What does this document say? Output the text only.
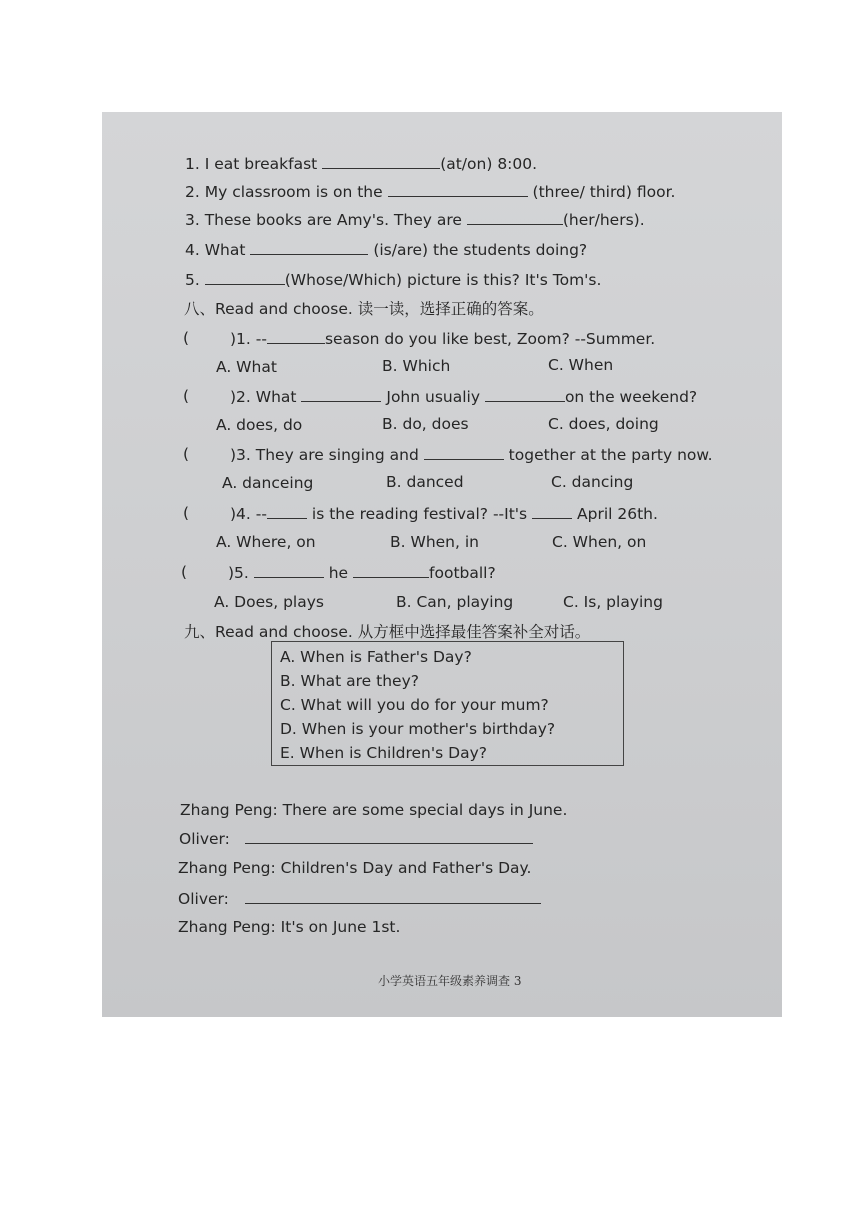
1. I eat breakfast	(at/on) 8:00.
2. My classroom is on the	(three/ third) floor.
3. These books are Amy's. They are	(her/hers).
4. What	(is/are) the students doing?
5.	(Whose/Which) picture is this? It's Tom's.
八、Read and choose. 读一读，选择正确的答案。
(	)1. --	season do you like best, Zoom? --Summer.
A. What	B. Which	C. When
(	)2. What	John usualiy	on the weekend?
A. does, do	B. do, does	C. does, doing
(	)3. They are singing and	together at the party now.
A. danceing	B. danced	C. dancing
(	)4. --	is the reading festival? --It's	April 26th.
A. Where, on	B. When, in	C. When, on
(	)5.	he	football?
A. Does, plays	B. Can, playing	C. Is, playing
九、Read and choose. 从方框中选择最佳答案补全对话。
Zhang Peng: There are some special days in June.
Oliver:
Zhang Peng: Children's Day and Father's Day.
Oliver:
Zhang Peng: It's on June 1st.
小学英语五年级素养调查 3
A. When is Father's Day?
B. What are they?
C. What will you do for your mum?
D. When is your mother's birthday?
E. When is Children's Day?
